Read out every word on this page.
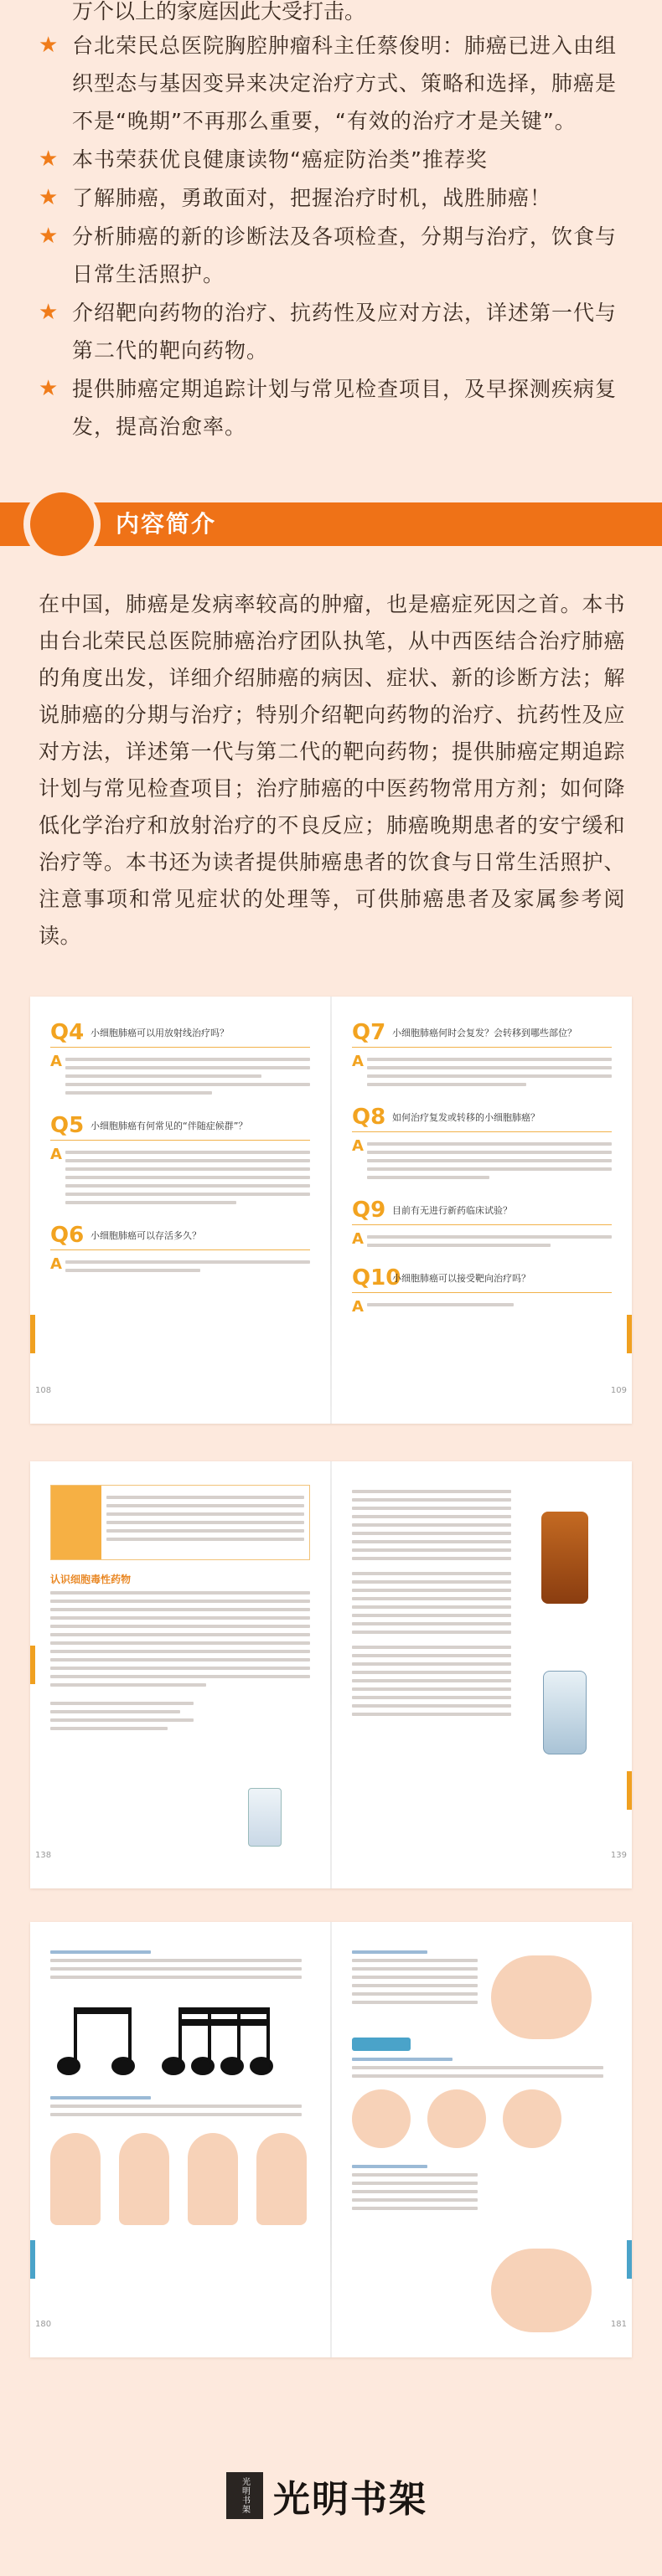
万个以上的家庭因此大受打击。
★ 台北荣民总医院胸腔肿瘤科主任蔡俊明：肺癌已进入由组织型态与基因变异来决定治疗方式、策略和选择，肺癌是不是“晚期”不再那么重要，“有效的治疗才是关键”。
★ 本书荣获优良健康读物“癌症防治类”推荐奖
★ 了解肺癌，勇敢面对，把握治疗时机，战胜肺癌！
★ 分析肺癌的新的诊断法及各项检查，分期与治疗，饮食与日常生活照护。
★ 介绍靶向药物的治疗、抗药性及应对方法，详述第一代与第二代的靶向药物。
★ 提供肺癌定期追踪计划与常见检查项目，及早探测疾病复发，提高治愈率。
内容简介
在中国，肺癌是发病率较高的肿瘤，也是癌症死因之首。本书由台北荣民总医院肺癌治疗团队执笔，从中西医结合治疗肺癌的角度出发，详细介绍肺癌的病因、症状、新的诊断方法；解说肺癌的分期与治疗；特别介绍靶向药物的治疗、抗药性及应对方法，详述第一代与第二代的靶向药物；提供肺癌定期追踪计划与常见检查项目；治疗肺癌的中医药物常用方剂；如何降低化学治疗和放射治疗的不良反应；肺癌晚期患者的安宁缓和治疗等。本书还为读者提供肺癌患者的饮食与日常生活照护、注意事项和常见症状的处理等，可供肺癌患者及家属参考阅读。
Q4 小细胞肺癌可以用放射线治疗吗？
A
Q5 小细胞肺癌有何常见的“伴随症候群”？
A
Q6 小细胞肺癌可以存活多久？
A
108
Q7 小细胞肺癌何时会复发？会转移到哪些部位？
A
Q8 如何治疗复发或转移的小细胞肺癌？
A
Q9 目前有无进行新药临床试验？
A
Q10
小细胞肺癌可以接受靶向治疗吗？
A
109
认识细胞毒性药物
138	139
180	181
光明书架 光明书架
